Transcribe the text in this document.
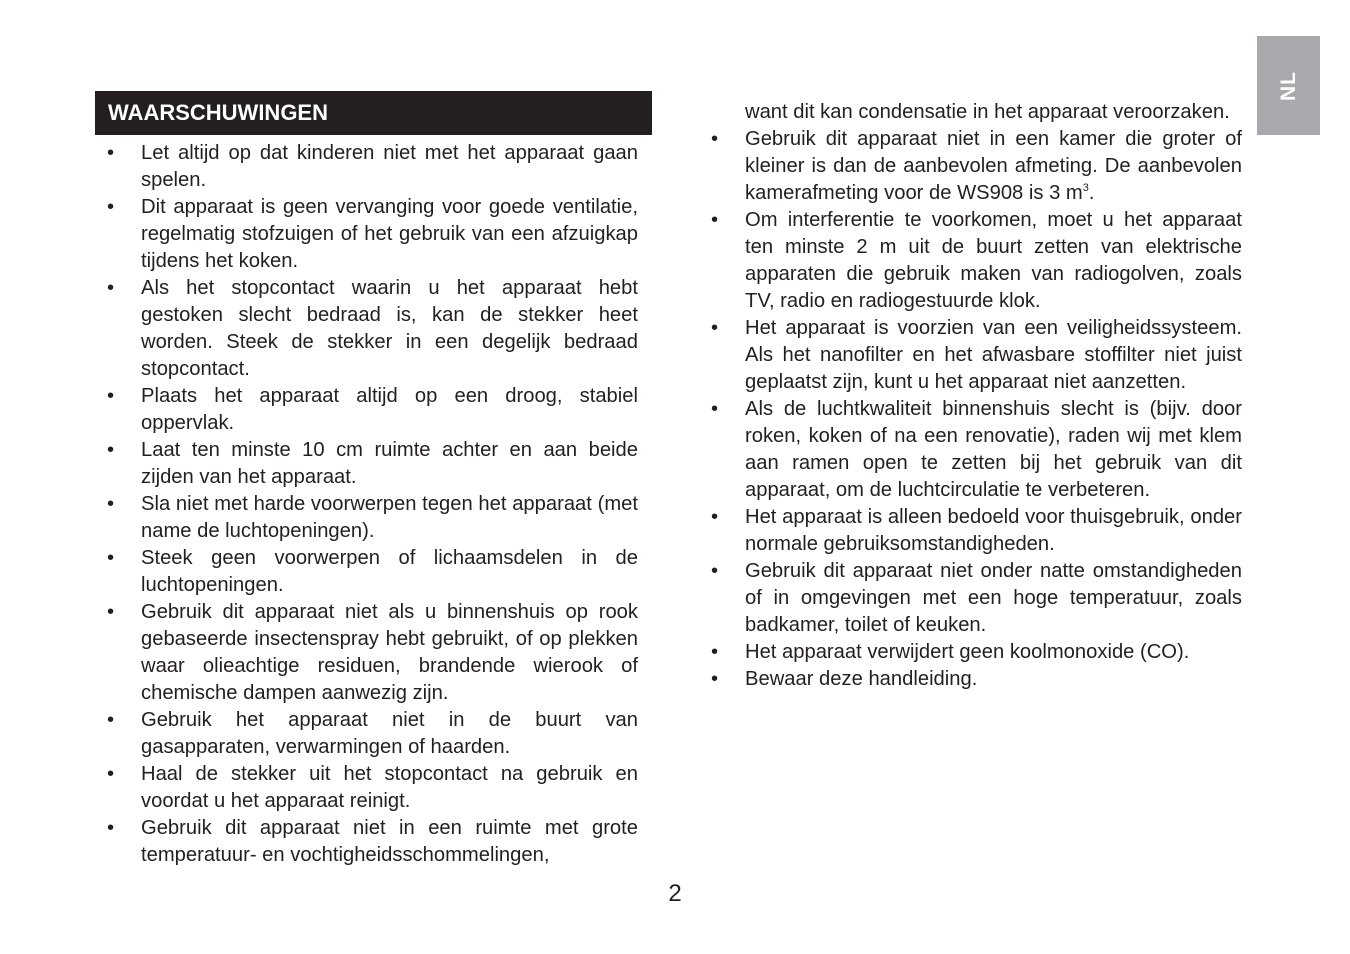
NL
WAARSCHUWINGEN
• Let altijd op dat kinderen niet met het apparaat gaan spelen.
• Dit apparaat is geen vervanging voor goede ventilatie, regelmatig stofzuigen of het gebruik van een afzuigkap tijdens het koken.
• Als het stopcontact waarin u het apparaat hebt gestoken slecht bedraad is, kan de stekker heet worden. Steek de stekker in een degelijk bedraad stopcontact.
• Plaats het apparaat altijd op een droog, stabiel oppervlak.
• Laat ten minste 10 cm ruimte achter en aan beide zijden van het apparaat.
• Sla niet met harde voorwerpen tegen het apparaat (met name de luchtopeningen).
• Steek geen voorwerpen of lichaamsdelen in de luchtopeningen.
• Gebruik dit apparaat niet als u binnenshuis op rook gebaseerde insectenspray hebt gebruikt, of op plekken waar olieachtige residuen, brandende wierook of chemische dampen aanwezig zijn.
• Gebruik het apparaat niet in de buurt van gasapparaten, verwarmingen of haarden.
• Haal de stekker uit het stopcontact na gebruik en voordat u het apparaat reinigt.
• Gebruik dit apparaat niet in een ruimte met grote temperatuur- en vochtigheidsschommelingen,
want dit kan condensatie in het apparaat veroorzaken.
• Gebruik dit apparaat niet in een kamer die groter of kleiner is dan de aanbevolen afmeting. De aanbevolen kamerafmeting voor de WS908 is 3 $m^3$.
• Om interferentie te voorkomen, moet u het apparaat ten minste 2 m uit de buurt zetten van elektrische apparaten die gebruik maken van radiogolven, zoals TV, radio en radiogestuurde klok.
• Het apparaat is voorzien van een veiligheidssysteem. Als het nanofilter en het afwasbare stoffilter niet juist geplaatst zijn, kunt u het apparaat niet aanzetten.
• Als de luchtkwaliteit binnenshuis slecht is (bijv. door roken, koken of na een renovatie), raden wij met klem aan ramen open te zetten bij het gebruik van dit apparaat, om de luchtcirculatie te verbeteren.
• Het apparaat is alleen bedoeld voor thuisgebruik, onder normale gebruiksomstandigheden.
• Gebruik dit apparaat niet onder natte omstandigheden of in omgevingen met een hoge temperatuur, zoals badkamer, toilet of keuken.
• Het apparaat verwijdert geen koolmonoxide (CO).
• Bewaar deze handleiding.
2
